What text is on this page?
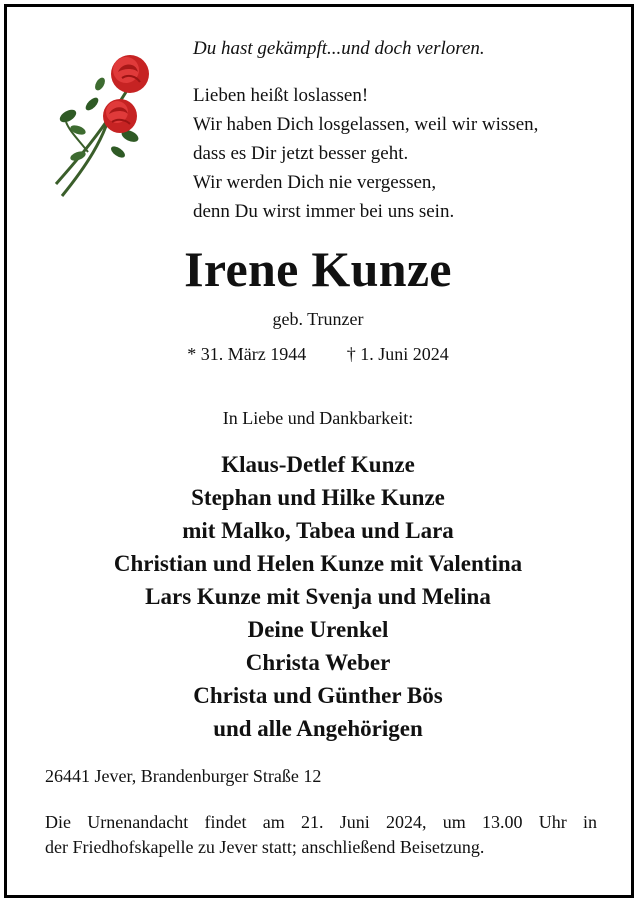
Du hast gekämpft...und doch verloren.

Lieben heißt loslassen!

Wir haben Dich losgelassen, weil wir wissen,

dass es Dir jetzt besser geht.

Wir werden Dich nie vergessen,

denn Du wirst immer bei uns sein.

Irene Kunze
geb. Trunzer
* 31. März 1944 † 1. Juni 2024
In Liebe und Dankbarkeit:

Klaus-Detlef Kunze

Stephan und Hilke Kunze

mit Malko, Tabea und Lara

Christian und Helen Kunze mit Valentina

Lars Kunze mit Svenja und Melina

Deine Urenkel

Christa Weber

Christa und Günther Bös

und alle Angehörigen

26441 Jever, Brandenburger Straße 12
Die Urnenandacht findet am 21. Juni 2024, um 13.00 Uhr in
der Friedhofskapelle zu Jever statt; anschließend Beisetzung.
